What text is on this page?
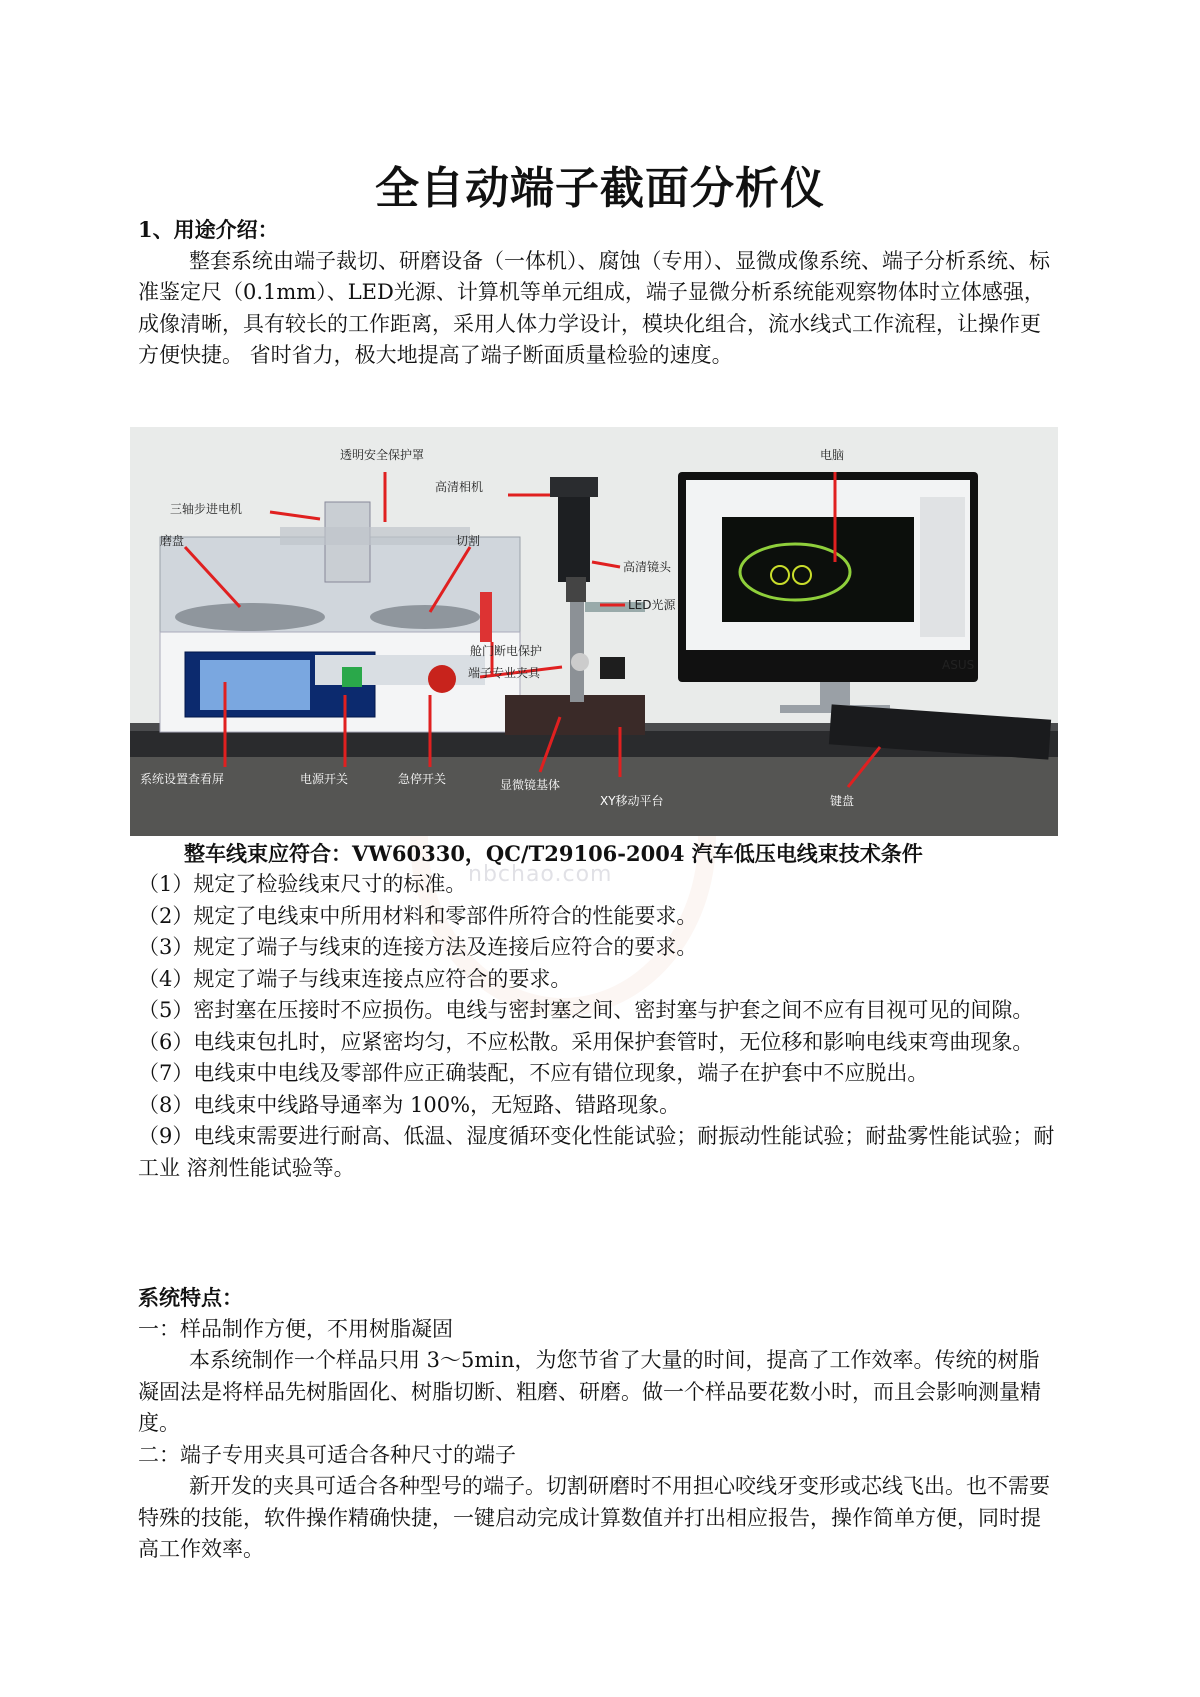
全自动端子截面分析仪

1、用途介绍：

整套系统由端子裁切、研磨设备（一体机）、腐蚀（专用）、显微成像系统、端子分析系统、标准鉴定尺（0.1mm）、LED光源、计算机等单元组成，端子显微分析系统能观察物体时立体感强，成像清晰，具有较长的工作距离，采用人体力学设计，模块化组合，流水线式工作流程，让操作更方便快捷。 省时省力，极大地提高了端子断面质量检验的速度。

透明安全保护罩
三轴步进电机
磨盘	切割
高清相机
高清镜头
LED光源
舱门断电保护
端子专业夹具
电脑
ASUS
系统设置查看屏	电源开关	急停开关	显微镜基体
XY移动平台	键盘
整车线束应符合：VW60330，QC/T29106-2004 汽车低压电线束技术条件
nbchao.com

（1）规定了检验线束尺寸的标准。

（2）规定了电线束中所用材料和零部件所符合的性能要求。

（3）规定了端子与线束的连接方法及连接后应符合的要求。

（4）规定了端子与线束连接点应符合的要求。

（5）密封塞在压接时不应损伤。电线与密封塞之间、密封塞与护套之间不应有目视可见的间隙。

（6）电线束包扎时，应紧密均匀，不应松散。采用保护套管时，无位移和影响电线束弯曲现象。

（7）电线束中电线及零部件应正确装配，不应有错位现象，端子在护套中不应脱出。

（8）电线束中线路导通率为 100%，无短路、错路现象。

（9）电线束需要进行耐高、低温、湿度循环变化性能试验；耐振动性能试验；耐盐雾性能试验；耐工业 溶剂性能试验等。

系统特点：

一：样品制作方便，不用树脂凝固

本系统制作一个样品只用 3～5min，为您节省了大量的时间，提高了工作效率。传统的树脂凝固法是将样品先树脂固化、树脂切断、粗磨、研磨。做一个样品要花数小时，而且会影响测量精度。

二：端子专用夹具可适合各种尺寸的端子

新开发的夹具可适合各种型号的端子。切割研磨时不用担心咬线牙变形或芯线飞出。也不需要特殊的技能，软件操作精确快捷，一键启动完成计算数值并打出相应报告，操作简单方便，同时提高工作效率。
